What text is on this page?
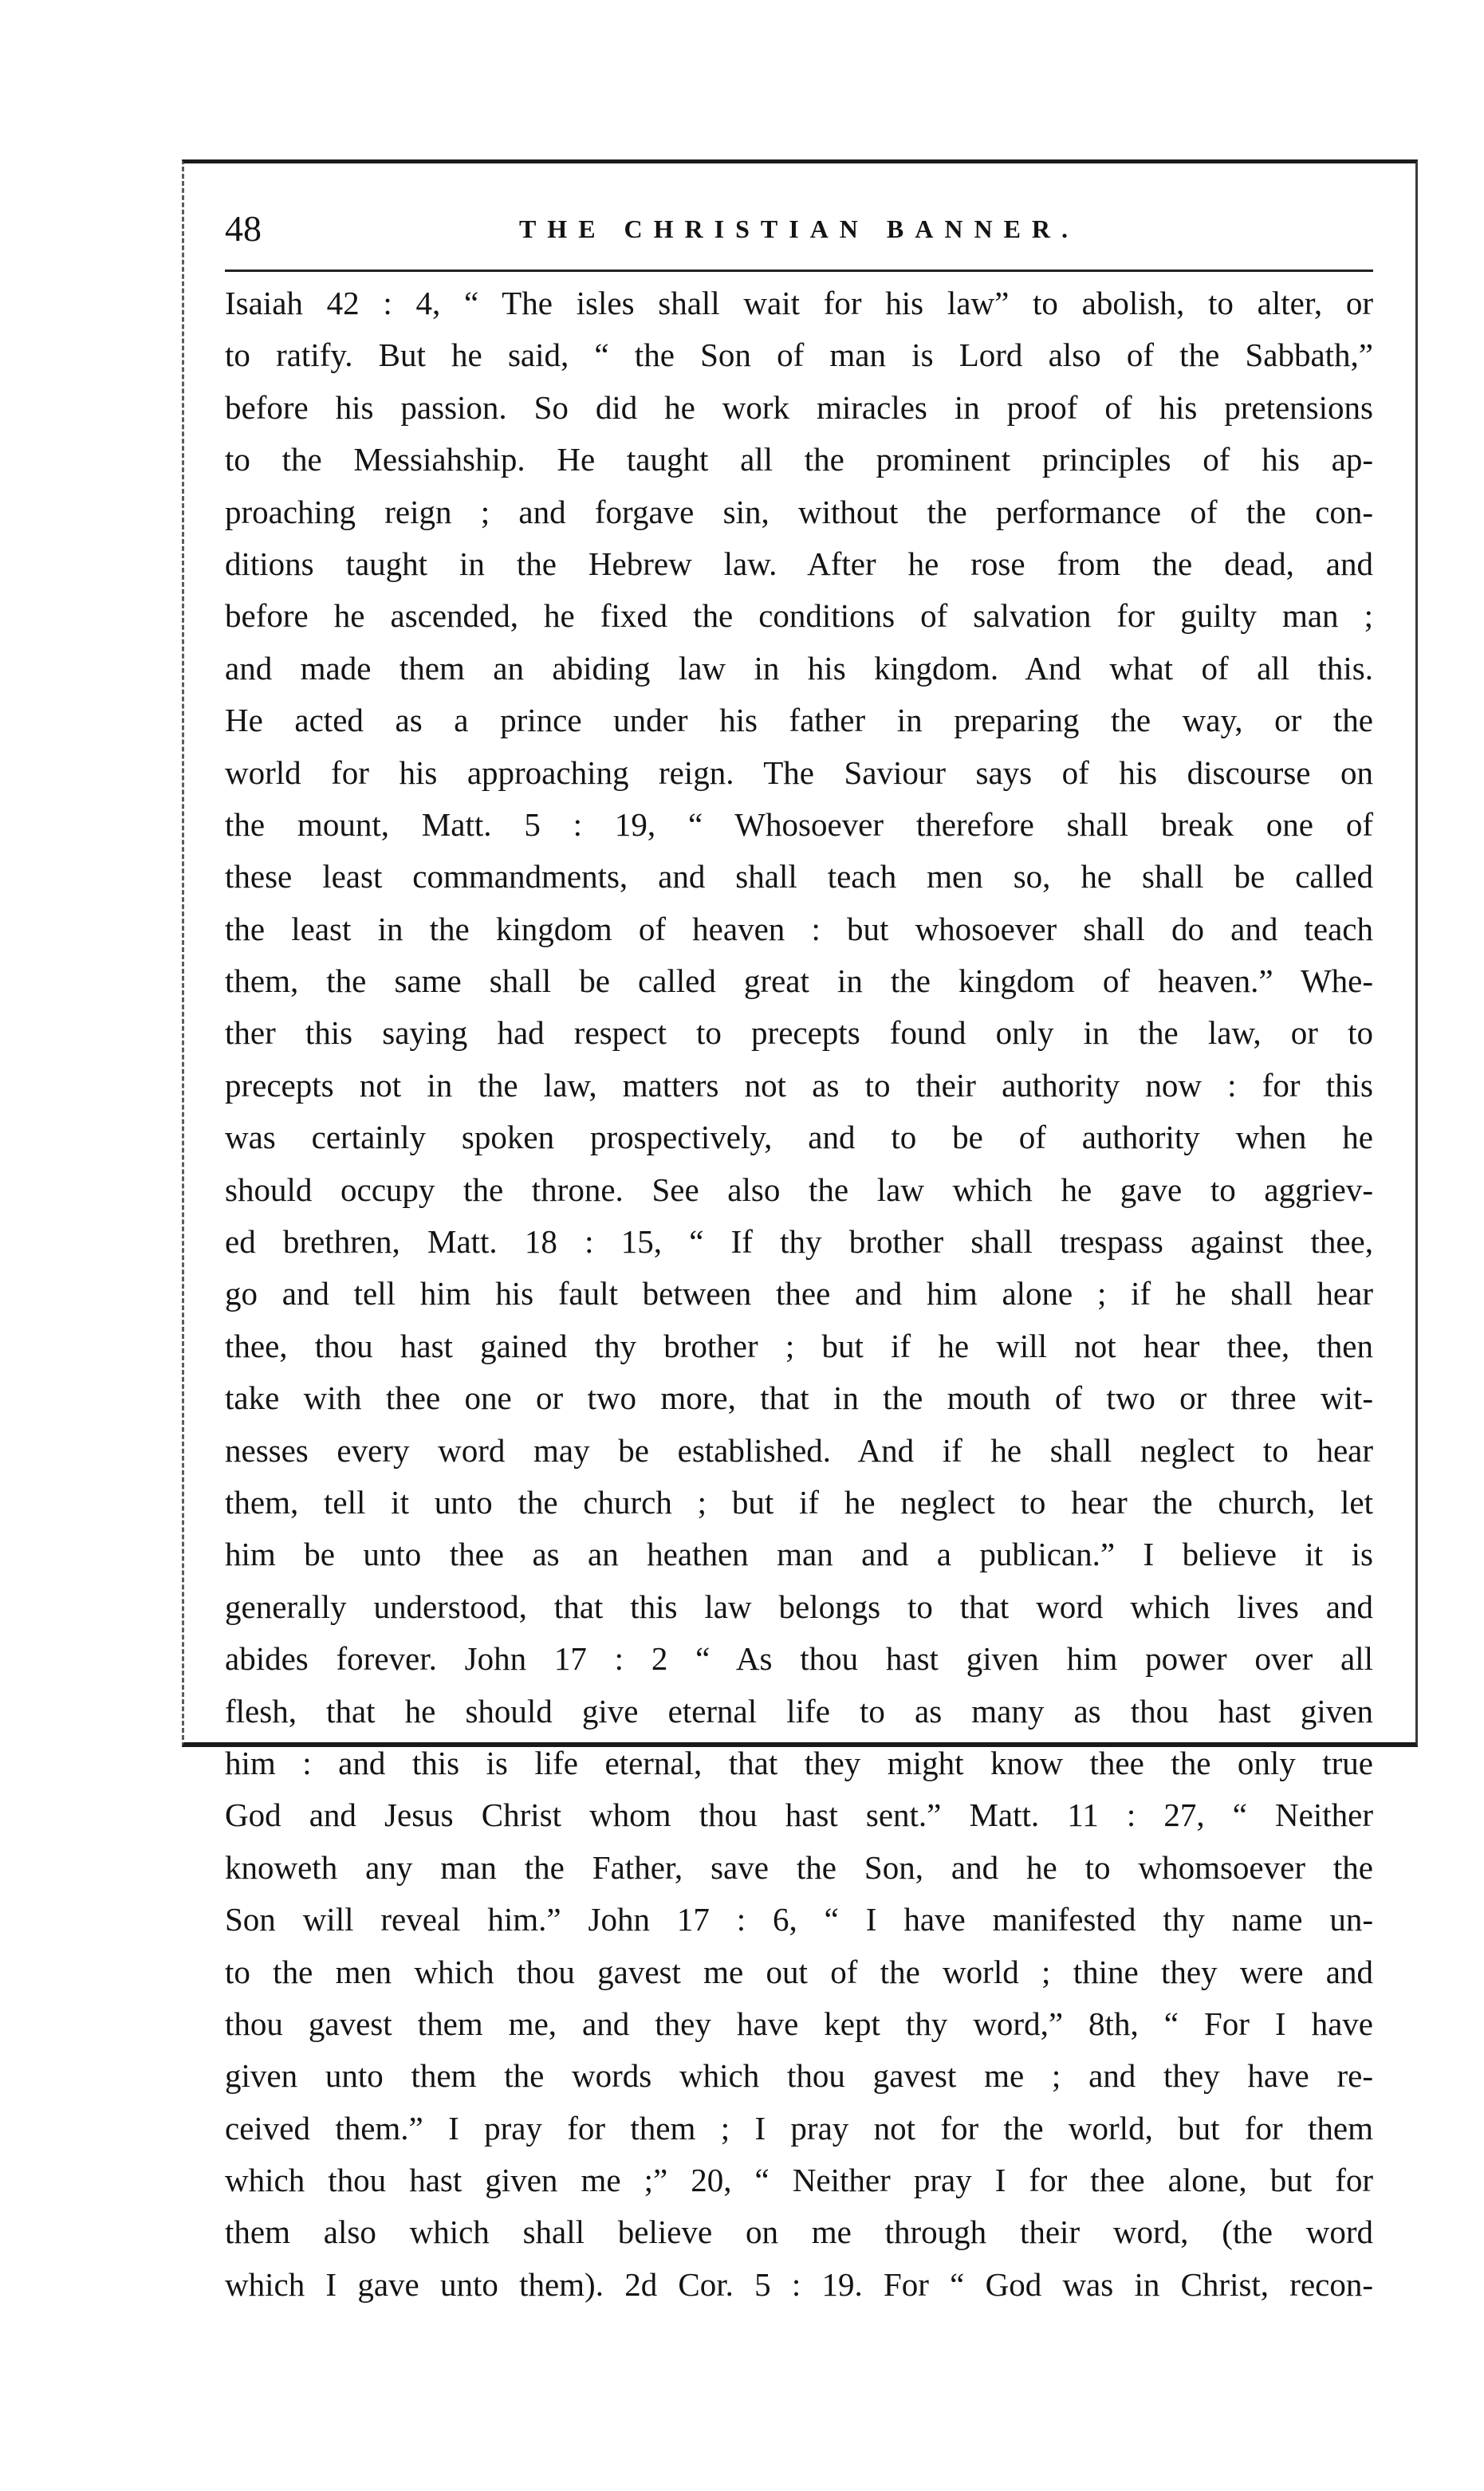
48	THE CHRISTIAN BANNER.
Isaiah 42 : 4, “ The isles shall wait for his law” to abolish, to alter, or
to ratify. But he said, “ the Son of man is Lord also of the Sabbath,”
before his passion. So did he work miracles in proof of his pretensions
to the Messiahship. He taught all the prominent principles of his ap-
proaching reign ; and forgave sin, without the performance of the con-
ditions taught in the Hebrew law. After he rose from the dead, and
before he ascended, he fixed the conditions of salvation for guilty man ;
and made them an abiding law in his kingdom. And what of all this.
He acted as a prince under his father in preparing the way, or the
world for his approaching reign. The Saviour says of his discourse on
the mount, Matt. 5 : 19, “ Whosoever therefore shall break one of
these least commandments, and shall teach men so, he shall be called
the least in the kingdom of heaven : but whosoever shall do and teach
them, the same shall be called great in the kingdom of heaven.” Whe-
ther this saying had respect to precepts found only in the law, or to
precepts not in the law, matters not as to their authority now : for this
was certainly spoken prospectively, and to be of authority when he
should occupy the throne. See also the law which he gave to aggriev-
ed brethren, Matt. 18 : 15, “ If thy brother shall trespass against thee,
go and tell him his fault between thee and him alone ; if he shall hear
thee, thou hast gained thy brother ; but if he will not hear thee, then
take with thee one or two more, that in the mouth of two or three wit-
nesses every word may be established. And if he shall neglect to hear
them, tell it unto the church ; but if he neglect to hear the church, let
him be unto thee as an heathen man and a publican.” I believe it is
generally understood, that this law belongs to that word which lives and
abides forever. John 17 : 2 “ As thou hast given him power over all
flesh, that he should give eternal life to as many as thou hast given
him : and this is life eternal, that they might know thee the only true
God and Jesus Christ whom thou hast sent.” Matt. 11 : 27, “ Neither
knoweth any man the Father, save the Son, and he to whomsoever the
Son will reveal him.” John 17 : 6, “ I have manifested thy name un-
to the men which thou gavest me out of the world ; thine they were and
thou gavest them me, and they have kept thy word,” 8th, “ For I have
given unto them the words which thou gavest me ; and they have re-
ceived them.” I pray for them ; I pray not for the world, but for them
which thou hast given me ;” 20, “ Neither pray I for thee alone, but for
them also which shall believe on me through their word, (the word
which I gave unto them). 2d Cor. 5 : 19. For “ God was in Christ, recon-
